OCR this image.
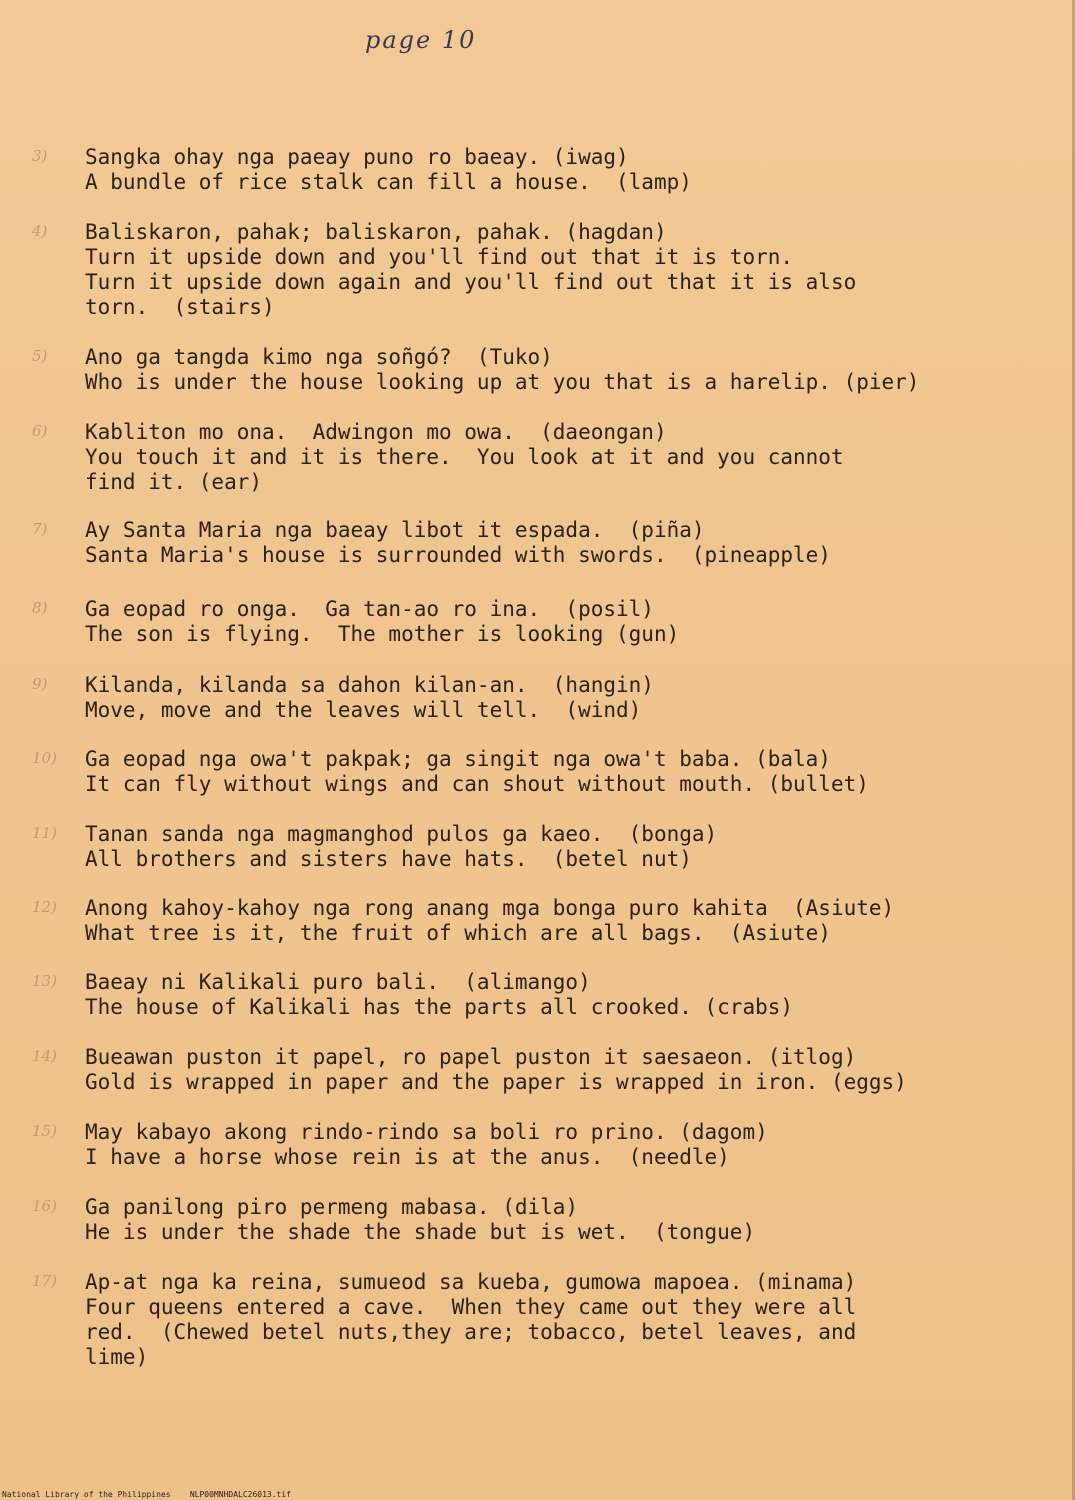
page 10
3)	Sangka ohay nga paeay puno ro baeay. (iwag)
A bundle of rice stalk can fill a house.  (lamp)
4)	Baliskaron, pahak; baliskaron, pahak. (hagdan)
Turn it upside down and you'll find out that it is torn.
Turn it upside down again and you'll find out that it is also
torn.  (stairs)
5)	Ano ga tangda kimo nga soñgó?  (Tuko)
Who is under the house looking up at you that is a harelip. (pier)
6)	Kabliton mo ona.  Adwingon mo owa.  (daeongan)
You touch it and it is there.  You look at it and you cannot
find it. (ear)
7)	Ay Santa Maria nga baeay libot it espada.  (piña)
Santa Maria's house is surrounded with swords.  (pineapple)
8)	Ga eopad ro onga.  Ga tan-ao ro ina.  (posil)
The son is flying.  The mother is looking (gun)
9)	Kilanda, kilanda sa dahon kilan-an.  (hangin)
Move, move and the leaves will tell.  (wind)
10)	Ga eopad nga owa't pakpak; ga singit nga owa't baba. (bala)
It can fly without wings and can shout without mouth. (bullet)
11)	Tanan sanda nga magmanghod pulos ga kaeo.  (bonga)
All brothers and sisters have hats.  (betel nut)
12)	Anong kahoy-kahoy nga rong anang mga bonga puro kahita  (Asiute)
What tree is it, the fruit of which are all bags.  (Asiute)
13)	Baeay ni Kalikali puro bali.  (alimango)
The house of Kalikali has the parts all crooked. (crabs)
14)	Bueawan puston it papel, ro papel puston it saesaeon. (itlog)
Gold is wrapped in paper and the paper is wrapped in iron. (eggs)
15)	May kabayo akong rindo-rindo sa boli ro prino. (dagom)
I have a horse whose rein is at the anus.  (needle)
16)	Ga panilong piro permeng mabasa. (dila)
He is under the shade the shade but is wet.  (tongue)
17)	Ap-at nga ka reina, sumueod sa kueba, gumowa mapoea. (minama)
Four queens entered a cave.  When they came out they were all
red.  (Chewed betel nuts,they are; tobacco, betel leaves, and
lime)
National Library of the Philippines    NLP00MNHDALC26013.tif
